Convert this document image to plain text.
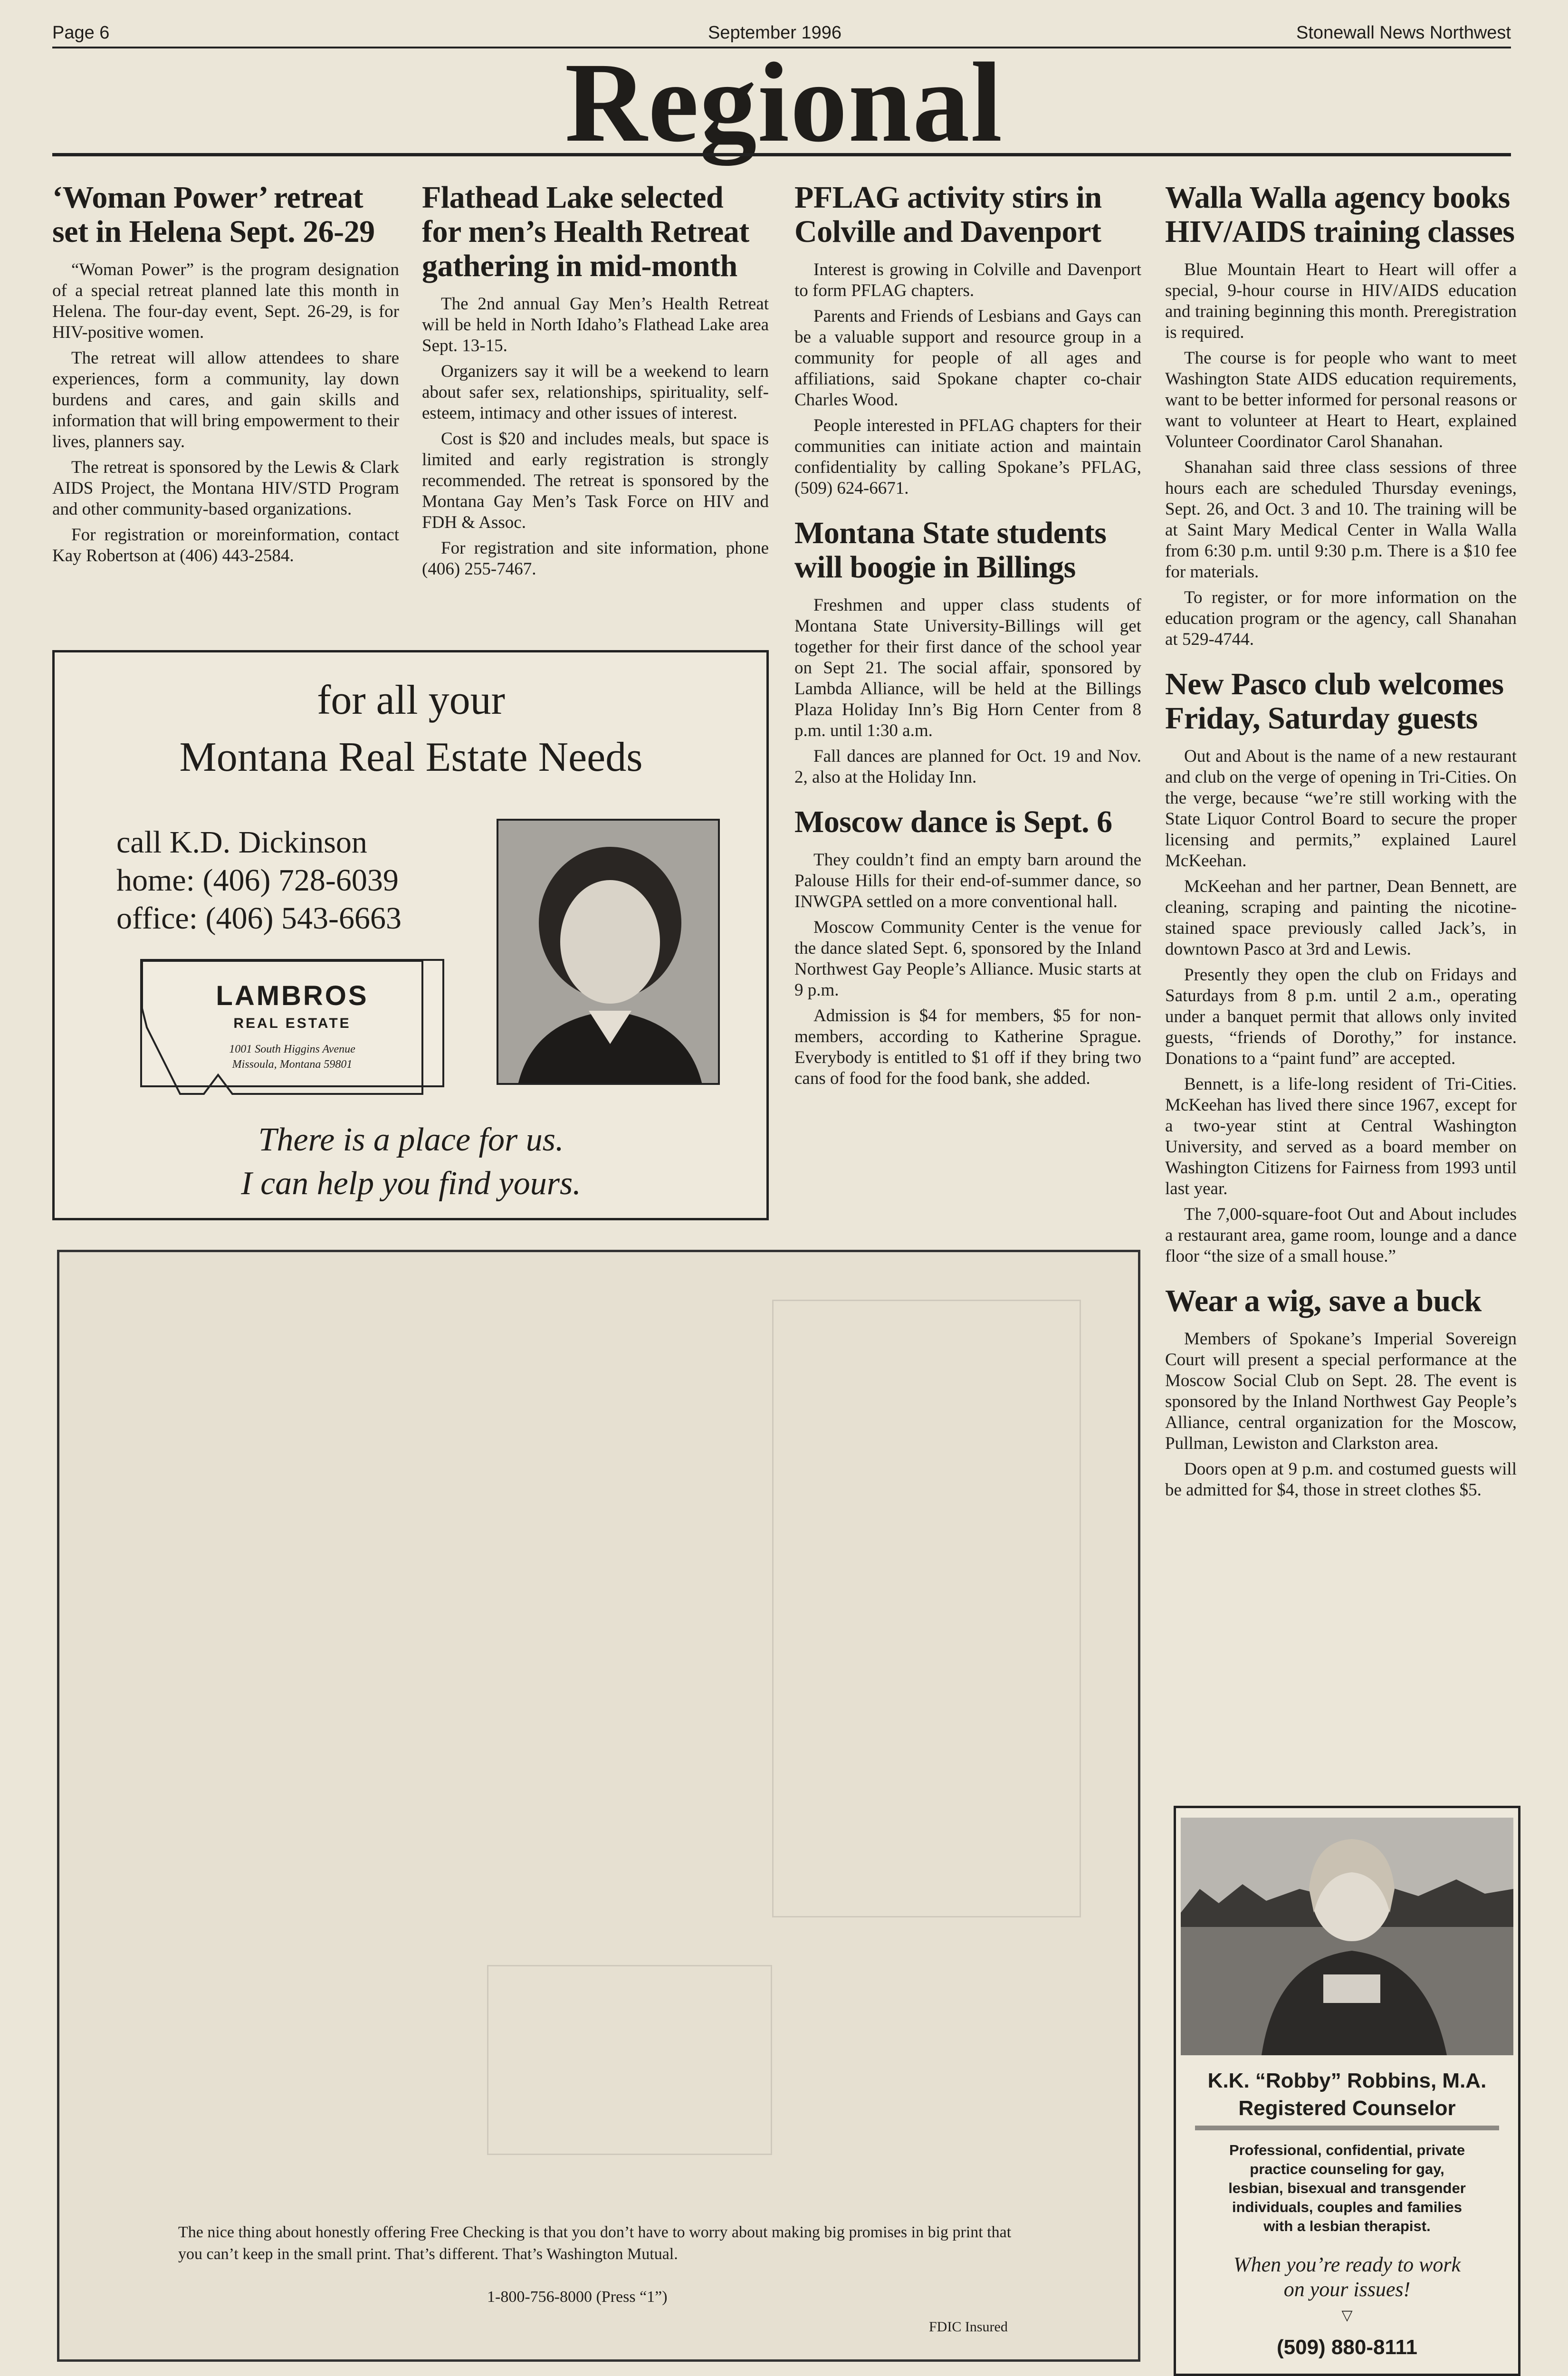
Page 6	September 1996	Stonewall News Northwest
Regional
‘Woman Power’ retreat set in Helena Sept. 26-29

“Woman Power” is the program designation of a special retreat planned late this month in Helena. The four-day event, Sept. 26-29, is for HIV-positive women.

The retreat will allow attendees to share experiences, form a community, lay down burdens and cares, and gain skills and information that will bring empowerment to their lives, planners say.

The retreat is sponsored by the Lewis & Clark AIDS Project, the Montana HIV/STD Program and other community-based organizations.

For registration or moreinformation, contact Kay Robertson at (406) 443-2584.

Flathead Lake selected for men’s Health Retreat gathering in mid-month

The 2nd annual Gay Men’s Health Retreat will be held in North Idaho’s Flathead Lake area Sept. 13-15.

Organizers say it will be a weekend to learn about safer sex, relationships, spirituality, self-esteem, intimacy and other issues of interest.

Cost is $20 and includes meals, but space is limited and early registration is strongly recommended. The retreat is sponsored by the Montana Gay Men’s Task Force on HIV and FDH & Assoc.

For registration and site information, phone (406) 255-7467.

PFLAG activity stirs in Colville and Davenport

Interest is growing in Colville and Davenport to form PFLAG chapters.

Parents and Friends of Lesbians and Gays can be a valuable support and resource group in a community for people of all ages and affiliations, said Spokane chapter co-chair Charles Wood.

People interested in PFLAG chapters for their communities can initiate action and maintain confidentiality by calling Spokane’s PFLAG, (509) 624-6671.

Montana State students will boogie in Billings

Freshmen and upper class students of Montana State University-Billings will get together for their first dance of the school year on Sept 21. The social affair, sponsored by Lambda Alliance, will be held at the Billings Plaza Holiday Inn’s Big Horn Center from 8 p.m. until 1:30 a.m.

Fall dances are planned for Oct. 19 and Nov. 2, also at the Holiday Inn.

Moscow dance is Sept. 6

They couldn’t find an empty barn around the Palouse Hills for their end-of-summer dance, so INWGPA settled on a more conventional hall.

Moscow Community Center is the venue for the dance slated Sept. 6, sponsored by the Inland Northwest Gay People’s Alliance. Music starts at 9 p.m.

Admission is $4 for members, $5 for non-members, according to Katherine Sprague. Everybody is entitled to $1 off if they bring two cans of food for the food bank, she added.

Walla Walla agency books HIV/AIDS training classes

Blue Mountain Heart to Heart will offer a special, 9-hour course in HIV/AIDS education and training beginning this month. Preregistration is required.

The course is for people who want to meet Washington State AIDS education requirements, want to be better informed for personal reasons or want to volunteer at Heart to Heart, explained Volunteer Coordinator Carol Shanahan.

Shanahan said three class sessions of three hours each are scheduled Thursday evenings, Sept. 26, and Oct. 3 and 10. The training will be at Saint Mary Medical Center in Walla Walla from 6:30 p.m. until 9:30 p.m. There is a $10 fee for materials.

To register, or for more information on the education program or the agency, call Shanahan at 529-4744.

New Pasco club welcomes Friday, Saturday guests

Out and About is the name of a new restaurant and club on the verge of opening in Tri-Cities. On the verge, because “we’re still working with the State Liquor Control Board to secure the proper licensing and permits,” explained Laurel McKeehan.

McKeehan and her partner, Dean Bennett, are cleaning, scraping and painting the nicotine-stained space previously called Jack’s, in downtown Pasco at 3rd and Lewis.

Presently they open the club on Fridays and Saturdays from 8 p.m. until 2 a.m., operating under a banquet permit that allows only invited guests, “friends of Dorothy,” for instance. Donations to a “paint fund” are accepted.

Bennett, is a life-long resident of Tri-Cities. McKeehan has lived there since 1967, except for a two-year stint at Central Washington University, and served as a board member on Washington Citizens for Fairness from 1993 until last year.

The 7,000-square-foot Out and About includes a restaurant area, game room, lounge and a dance floor “the size of a small house.”

Wear a wig, save a buck

Members of Spokane’s Imperial Sovereign Court will present a special performance at the Moscow Social Club on Sept. 28. The event is sponsored by the Inland Northwest Gay People’s Alliance, central organization for the Moscow, Pullman, Lewiston and Clarkston area.

Doors open at 9 p.m. and costumed guests will be admitted for $4, those in street clothes $5.

for all your
Montana Real Estate Needs
call K.D. Dickinson
home: (406) 728-6039
office: (406) 543-6663
LAMBROS
REAL ESTATE
1001 South Higgins Avenue
Missoula, Montana 59801
There is a place for us.
I can help you find yours.
The nice thing about honestly offering Free Checking is that you don’t have to worry about making big promises in big print that you can’t keep in the small print. That’s different. That’s Washington Mutual.
1-800-756-8000 (Press “1”)
FDIC Insured
K.K. “Robby” Robbins, M.A.
Registered Counselor
Professional, confidential, private practice counseling for gay, lesbian, bisexual and transgender individuals, couples and families with a lesbian therapist.
When you’re ready to work
on your issues!
▽
(509) 880-8111
